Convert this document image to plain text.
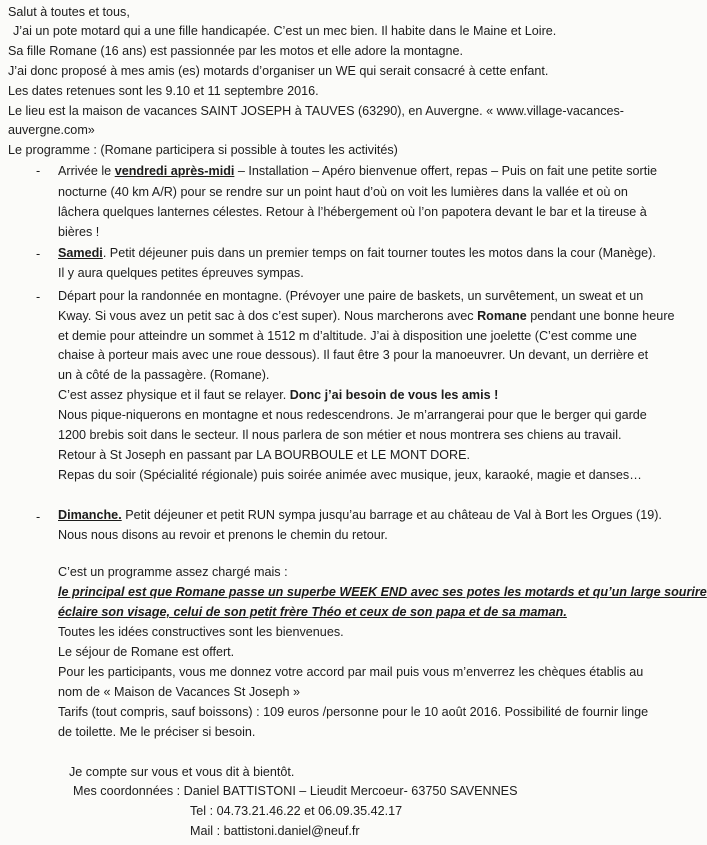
Salut à toutes et tous,
J’ai un pote motard qui a une fille handicapée. C’est un mec bien. Il habite dans le Maine et Loire.
Sa fille Romane (16 ans) est passionnée par les motos et elle adore la montagne.
J’ai donc proposé à mes amis (es) motards d’organiser un WE qui serait consacré à cette enfant.
Les dates retenues sont les 9.10 et 11 septembre 2016.
Le lieu est la maison de vacances SAINT JOSEPH à TAUVES (63290), en Auvergne. « www.village-vacances-
auvergne.com»
Le programme : (Romane participera si possible à toutes les activités)
- Arrivée le vendredi après-midi – Installation – Apéro bienvenue offert, repas – Puis on fait une petite sortie
nocturne (40 km A/R) pour se rendre sur un point haut d’où on voit les lumières dans la vallée et où on
lâchera quelques lanternes célestes. Retour à l’hébergement où l’on papotera devant le bar et la tireuse à
bières !
- Samedi. Petit déjeuner puis dans un premier temps on fait tourner toutes les motos dans la cour (Manège).
Il y aura quelques petites épreuves sympas.
- Départ pour la randonnée en montagne. (Prévoyer une paire de baskets, un survêtement, un sweat et un
Kway. Si vous avez un petit sac à dos c’est super). Nous marcherons avec Romane pendant une bonne heure
et demie pour atteindre un sommet à 1512 m d’altitude. J’ai à disposition une joelette (C’est comme une
chaise à porteur mais avec une roue dessous). Il faut être 3 pour la manoeuvrer. Un devant, un derrière et
un à côté de la passagère. (Romane).
C’est assez physique et il faut se relayer. Donc j’ai besoin de vous les amis !
Nous pique-niquerons en montagne et nous redescendrons. Je m’arrangerai pour que le berger qui garde
1200 brebis soit dans le secteur. Il nous parlera de son métier et nous montrera ses chiens au travail.
Retour à St Joseph en passant par LA BOURBOULE et LE MONT DORE.
Repas du soir (Spécialité régionale) puis soirée animée avec musique, jeux, karaoké, magie et danses…
- Dimanche. Petit déjeuner et petit RUN sympa jusqu’au barrage et au château de Val à Bort les Orgues (19).
Nous nous disons au revoir et prenons le chemin du retour.
C’est un programme assez chargé mais :
le principal est que Romane passe un superbe WEEK END avec ses potes les motards et qu’un large sourire
éclaire son visage, celui de son petit frère Théo et ceux de son papa et de sa maman.
Toutes les idées constructives sont les bienvenues.
Le séjour de Romane est offert.
Pour les participants, vous me donnez votre accord par mail puis vous m’enverrez les chèques établis au
nom de « Maison de Vacances St Joseph »
Tarifs (tout compris, sauf boissons) : 109 euros /personne pour le 10 août 2016. Possibilité de fournir linge
de toilette. Me le préciser si besoin.
Je compte sur vous et vous dit à bientôt.
Mes coordonnées : Daniel BATTISTONI – Lieudit Mercoeur- 63750 SAVENNES
Tel : 04.73.21.46.22 et 06.09.35.42.17
Mail : battistoni.daniel@neuf.fr
